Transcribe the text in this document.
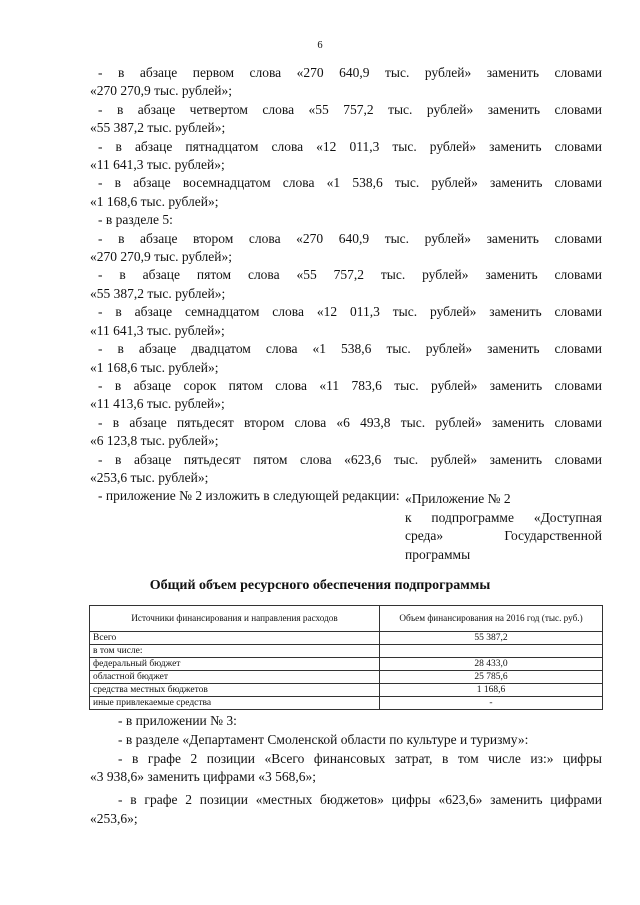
6
- в абзаце первом слова «270 640,9 тыс. рублей» заменить словами
«270 270,9 тыс. рублей»;
- в абзаце четвертом слова «55 757,2 тыс. рублей» заменить словами
«55 387,2 тыс. рублей»;
- в абзаце пятнадцатом слова «12 011,3 тыс. рублей» заменить словами
«11 641,3 тыс. рублей»;
- в абзаце восемнадцатом слова «1 538,6 тыс. рублей» заменить словами
«1 168,6 тыс. рублей»;
- в разделе 5:
- в абзаце втором слова «270 640,9 тыс. рублей» заменить словами
«270 270,9 тыс. рублей»;
- в абзаце пятом слова «55 757,2 тыс. рублей» заменить словами
«55 387,2 тыс. рублей»;
- в абзаце семнадцатом слова «12 011,3 тыс. рублей» заменить словами
«11 641,3 тыс. рублей»;
- в абзаце двадцатом слова «1 538,6 тыс. рублей» заменить словами
«1 168,6 тыс. рублей»;
- в абзаце сорок пятом слова «11 783,6 тыс. рублей» заменить словами
«11 413,6 тыс. рублей»;
- в абзаце пятьдесят втором слова «6 493,8 тыс. рублей» заменить словами
«6 123,8 тыс. рублей»;
- в абзаце пятьдесят пятом слова «623,6 тыс. рублей» заменить словами
«253,6 тыс. рублей»;
- приложение № 2 изложить в следующей редакции: «Приложение № 2
к подпрограмме «Доступная
среда» Государственной
программы
Общий объем ресурсного обеспечения подпрограммы
Источники финансирования и направления расходов	Объем финансирования на 2016 год (тыс. руб.)
Всего	55 387,2
в том числе:	
федеральный бюджет	28 433,0
областной бюджет	25 785,6
средства местных бюджетов	1 168,6
иные привлекаемые средства	-
- в приложении № 3:
- в разделе «Департамент Смоленской области по культуре и туризму»:
- в графе 2 позиции «Всего финансовых затрат, в том числе из:» цифры
«3 938,6» заменить цифрами «3 568,6»;
- в графе 2 позиции «местных бюджетов» цифры «623,6» заменить цифрами
«253,6»;
